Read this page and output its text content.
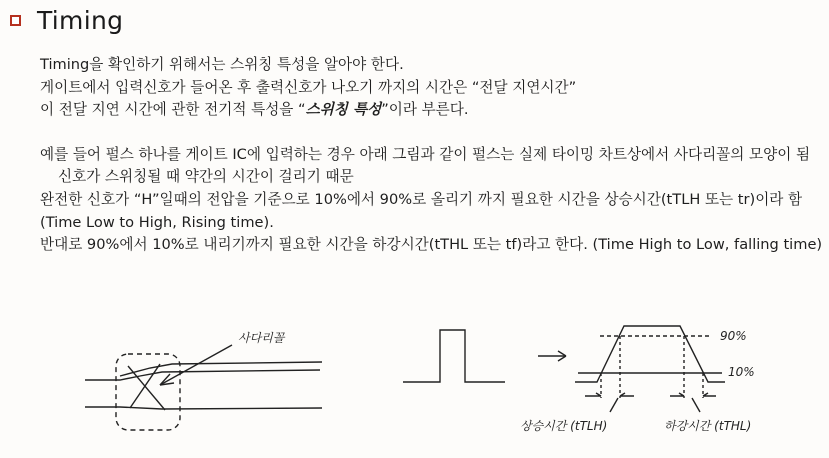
Timing
Timing을 확인하기 위해서는 스위칭 특성을 알아야 한다.
게이트에서 입력신호가 들어온 후 출력신호가 나오기 까지의 시간은 “전달 지연시간”
이 전달 지연 시간에 관한 전기적 특성을 “스위칭 특성”이라 부른다.
예를 들어 펄스 하나를 게이트 IC에 입력하는 경우 아래 그림과 같이 펄스는 실제 타이밍 차트상에서 사다리꼴의 모양이 됨
신호가 스위칭될 때 약간의 시간이 걸리기 때문
완전한 신호가 “H”일때의 전압을 기준으로 10%에서 90%로 올리기 까지 필요한 시간을 상승시간(tTLH 또는 tr)이라 함 (Time Low to High, Rising time).
반대로 90%에서 10%로 내리기까지 필요한 시간을 하강시간(tTHL 또는 tf)라고 한다. (Time High to Low, falling time)
사다리꼴	90%
10%
상승시간 (tTLH)	하강시간 (tTHL)
